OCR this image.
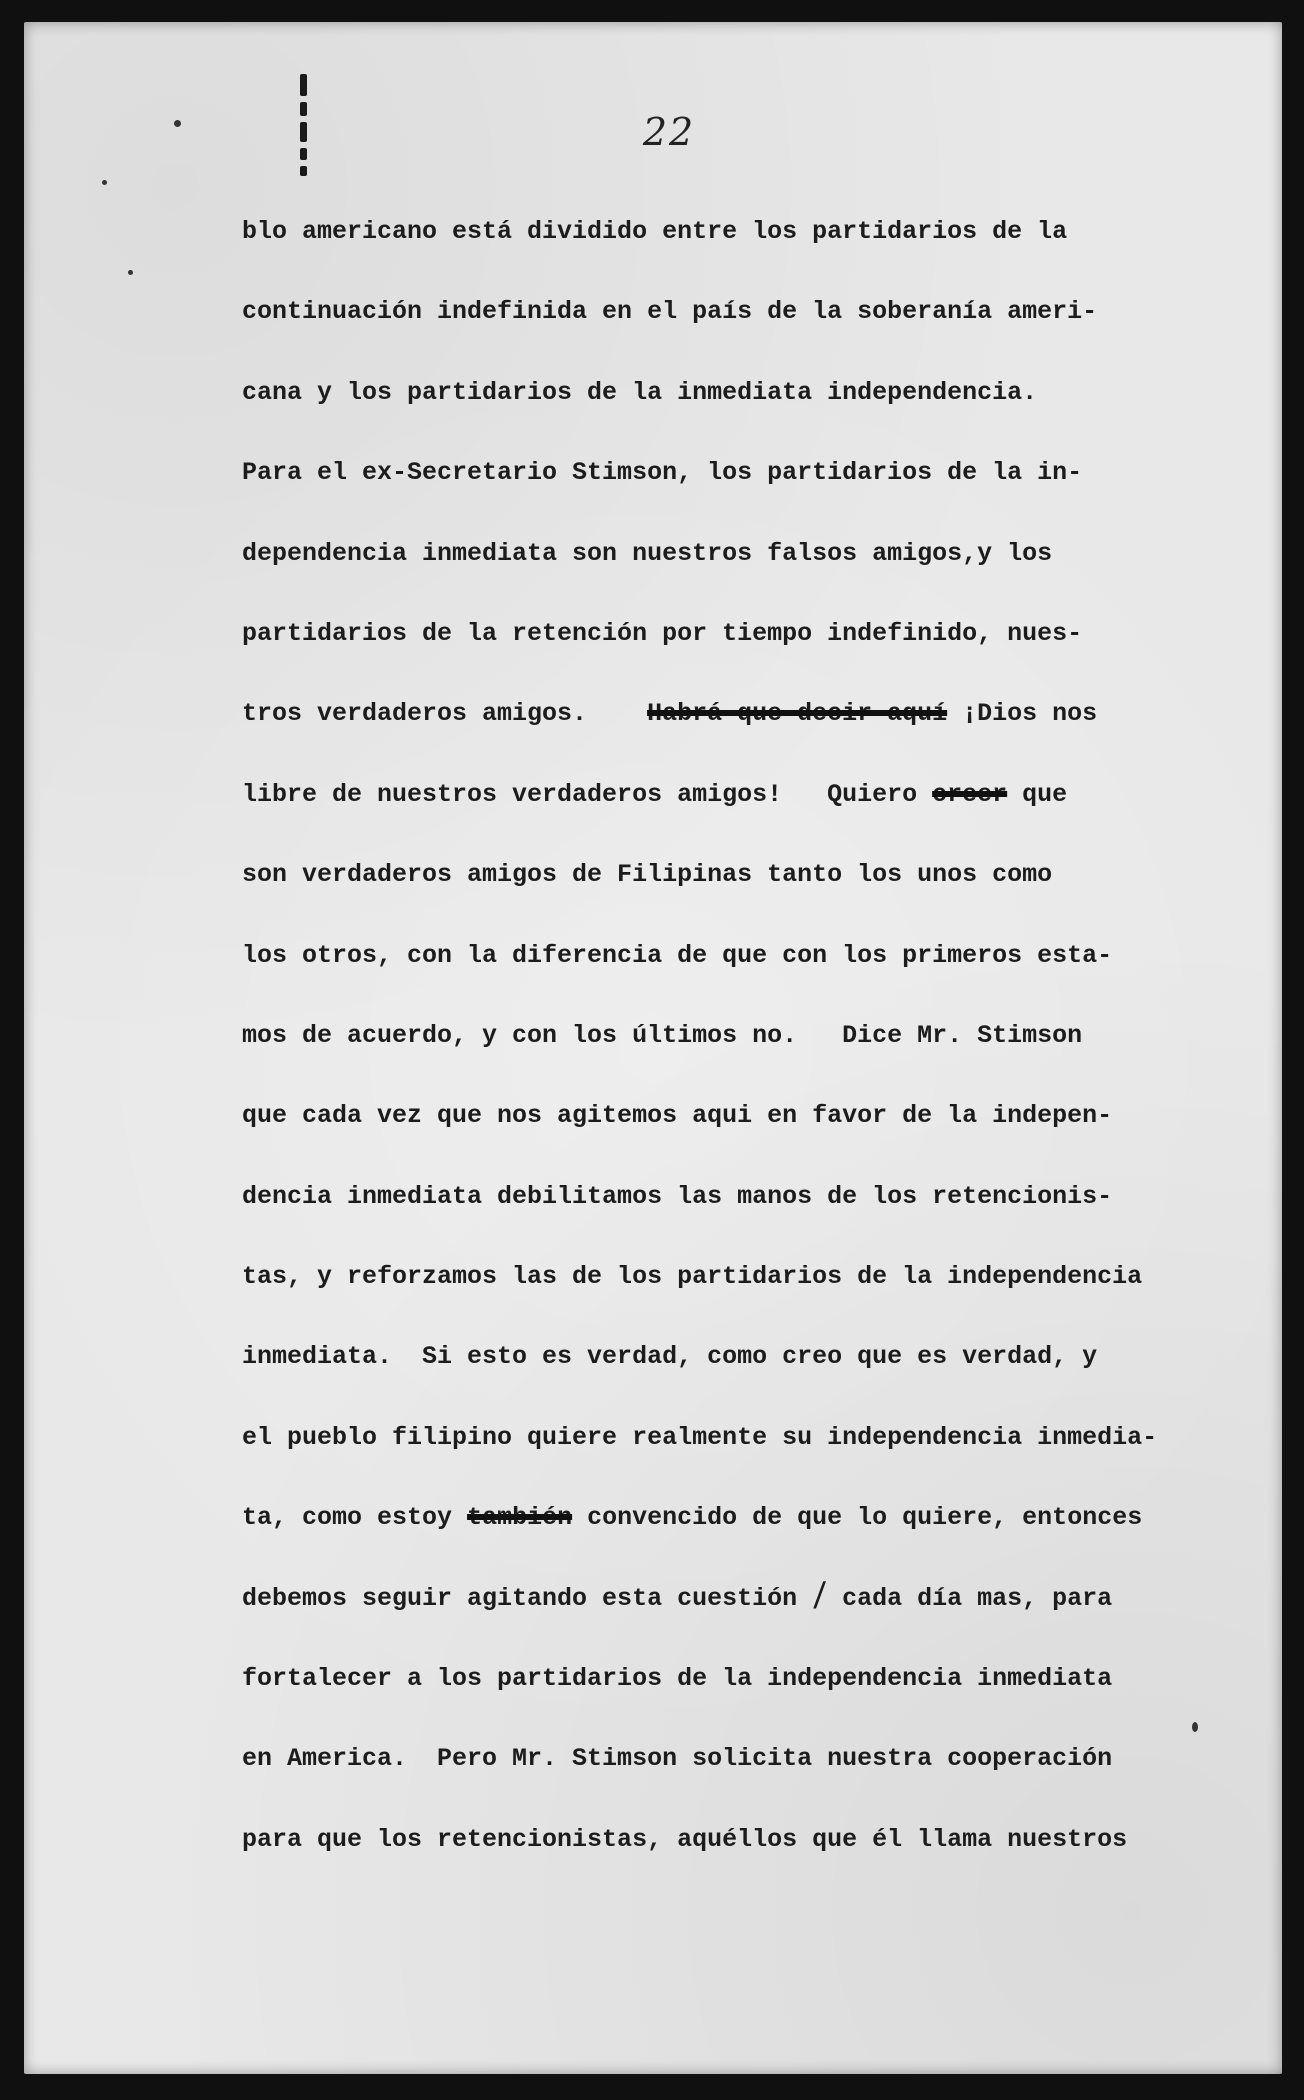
22
blo americano está dividido entre los partidarios de la
continuación indefinida en el país de la soberanía ameri-
cana y los partidarios de la inmediata independencia.
Para el ex-Secretario Stimson, los partidarios de la in-
dependencia inmediata son nuestros falsos amigos,y los
partidarios de la retención por tiempo indefinido, nues-
tros verdaderos amigos. Habrá que decir aquí ¡Dios nos
libre de nuestros verdaderos amigos!   Quiero creer que
son verdaderos amigos de Filipinas tanto los unos como
los otros, con la diferencia de que con los primeros esta-
mos de acuerdo, y con los últimos no.   Dice Mr. Stimson
que cada vez que nos agitemos aqui en favor de la indepen-
dencia inmediata debilitamos las manos de los retencionis-
tas, y reforzamos las de los partidarios de la independencia
inmediata.  Si esto es verdad, como creo que es verdad, y
el pueblo filipino quiere realmente su independencia inmedia-
ta, como estoy también convencido de que lo quiere, entonces
debemos seguir agitando esta cuestión / cada día mas, para
fortalecer a los partidarios de la independencia inmediata
en America.  Pero Mr. Stimson solicita nuestra cooperación
para que los retencionistas, aquéllos que él llama nuestros
